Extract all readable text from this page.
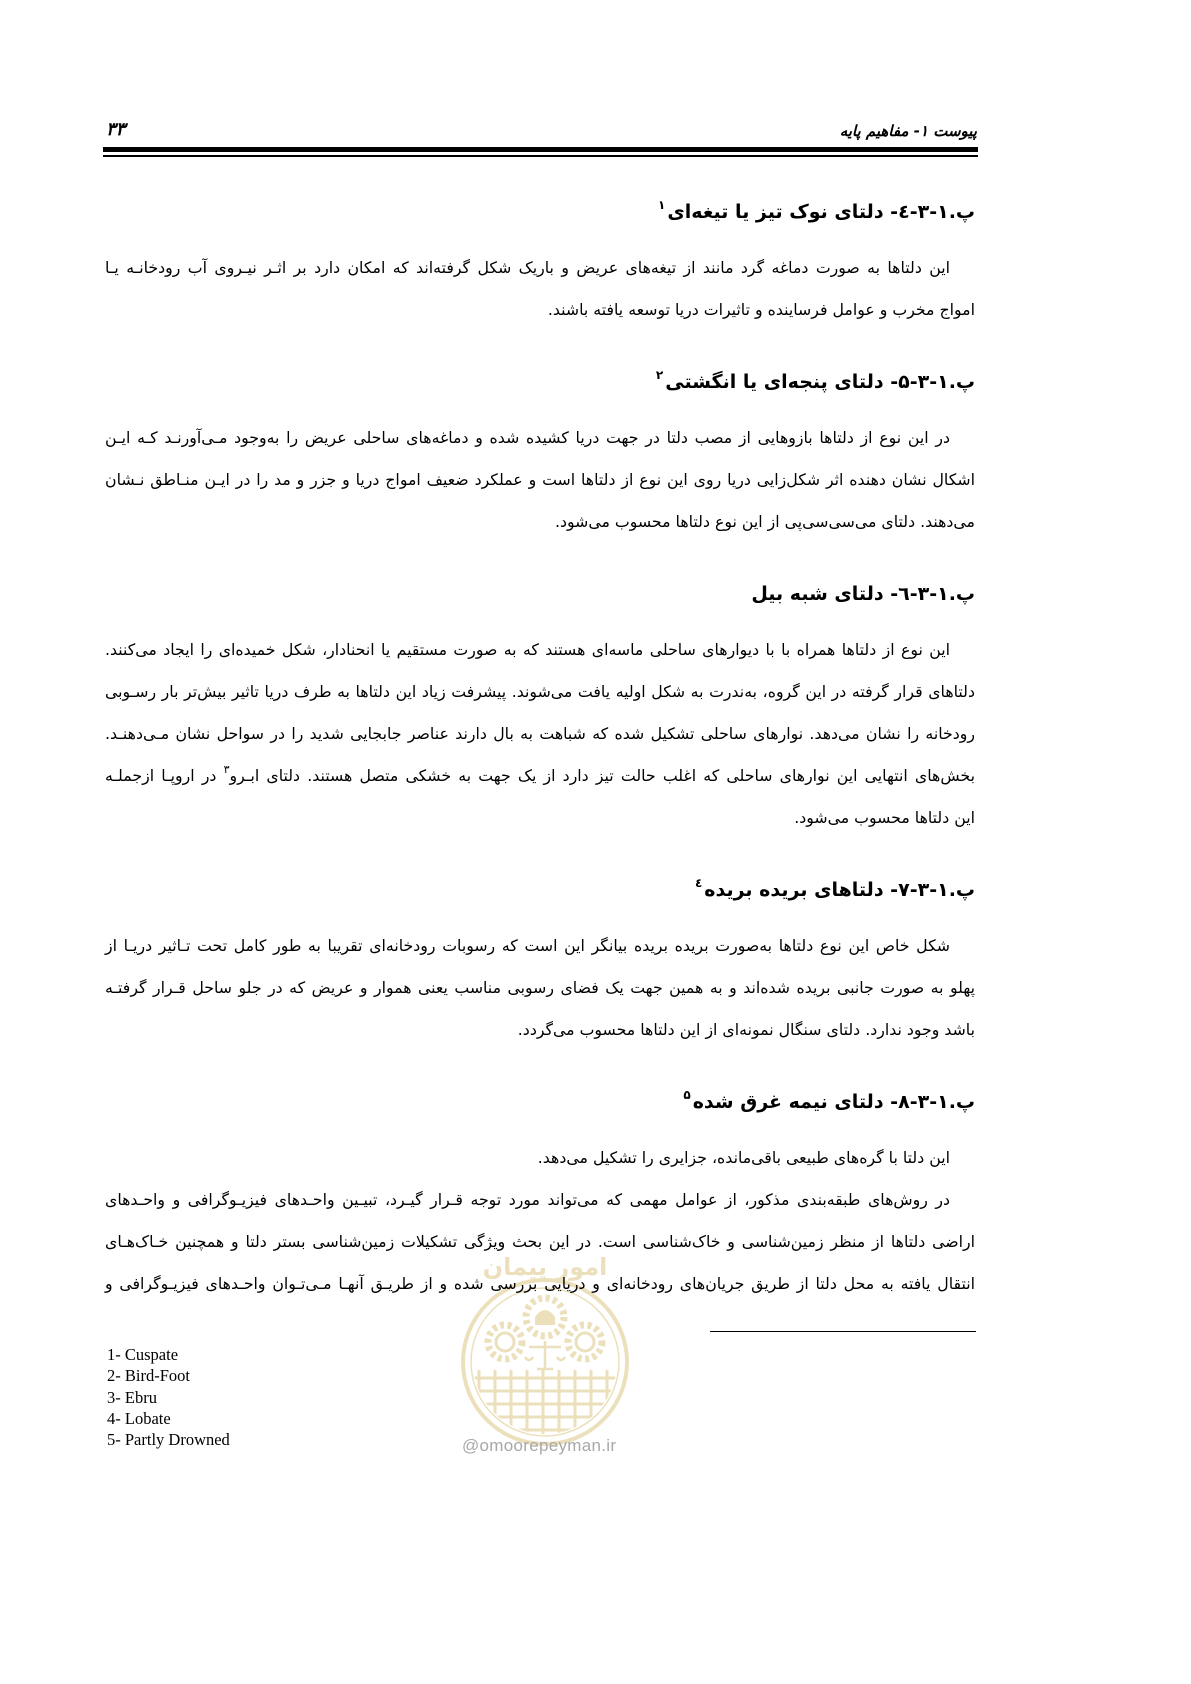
پیوست ۱- مفاهیم پایه
۳۳
امور پیمان
@omoorepeyman.ir
پ.۱-۳-٤- دلتای نوک تیز یا تیغه‌ای$^۱$
این دلتاها به صورت دماغه گرد مانند از تیغه‌های عریض و باریک شکل گرفته‌اند که امکان دارد بر اثـر نیـروی آب رودخانـه یـا
امواج مخرب و عوامل فرساینده و تاثیرات دریا توسعه یافته باشند.
پ.۱-۳-۵- دلتای پنجه‌ای یا انگشتی$^۲$
در این نوع از دلتاها بازوهایی از مصب دلتا در جهت دریا کشیده شده و دماغه‌های ساحلی عریض را به‌وجود مـی‌آورنـد کـه ایـن
اشکال نشان دهنده اثر شکل‌زایی دریا روی این نوع از دلتاها است و عملکرد ضعیف امواج دریا و جزر و مد را در ایـن منـاطق نـشان
می‌دهند. دلتای می‌سی‌سی‌پی از این نوع دلتاها محسوب می‌شود.
پ.۱-۳-٦- دلتای شبه بیل
این نوع از دلتاها همراه با با دیوارهای ساحلی ماسه‌ای هستند که به صورت مستقیم یا انحنادار، شکل خمیده‌ای را ایجاد می‌کنند.
دلتاهای قرار گرفته در این گروه، به‌ندرت به شکل اولیه یافت می‌شوند. پیشرفت زیاد این دلتاها به طرف دریا تاثیر بیش‌تر بار رسـوبی
رودخانه را نشان می‌دهد. نوارهای ساحلی تشکیل شده که شباهت به بال دارند عناصر جابجایی شدید را در سواحل نشان مـی‌دهنـد.
بخش‌های انتهایی این نوارهای ساحلی که اغلب حالت تیز دارد از یک جهت به خشکی متصل هستند. دلتای ابـرو$^۳$ در اروپـا ازجملـه
این دلتاها محسوب می‌شود.
پ.۱-۳-۷- دلتاهای بریده بریده$^٤$
شکل خاص این نوع دلتاها به‌صورت بریده بریده بیانگر این است که رسوبات رودخانه‌ای تقریبا به طور کامل تحت تـاثیر دریـا از
پهلو به صورت جانبی بریده شده‌اند و به همین جهت یک فضای رسوبی مناسب یعنی هموار و عریض که در جلو ساحل قـرار گرفتـه
باشد وجود ندارد. دلتای سنگال نمونه‌ای از این دلتاها محسوب می‌گردد.
پ.۱-۳-۸- دلتای نیمه غرق شده$^۵$
این دلتا با گره‌های طبیعی باقی‌مانده، جزایری را تشکیل می‌دهد.
در روش‌های طبقه‌بندی مذکور، از عوامل مهمی که می‌تواند مورد توجه قـرار گیـرد، تبیـین واحـدهای فیزیـوگرافی و واحـدهای
اراضی دلتاها از منظر زمین‌شناسی و خاک‌شناسی است. در این بحث ویژگی تشکیلات زمین‌شناسی بستر دلتا و همچنین خـاک‌هـای
انتقال یافته به محل دلتا از طریق جریان‌های رودخانه‌ای و دریایی بررسی شده و از طریـق آنهـا مـی‌تـوان واحـدهای فیزیـوگرافی و
1- Cuspate
2- Bird-Foot
3- Ebru
4- Lobate
5- Partly Drowned
